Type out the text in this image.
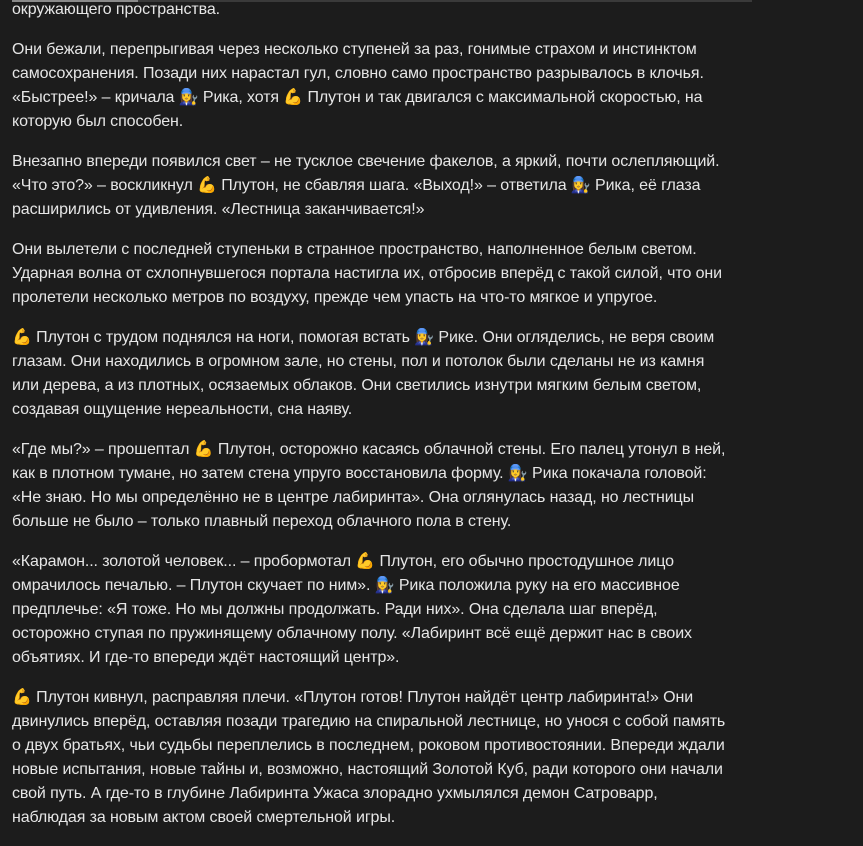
окружающего пространства.

Они бежали, перепрыгивая через несколько ступеней за раз, гонимые страхом и инстинктом
самосохранения. Позади них нарастал гул, словно само пространство разрывалось в клочья.
«Быстрее!» – кричала 👩‍🔧 Рика, хотя 💪 Плутон и так двигался с максимальной скоростью, на
которую был способен.

Внезапно впереди появился свет – не тусклое свечение факелов, а яркий, почти ослепляющий.
«Что это?» – воскликнул 💪 Плутон, не сбавляя шага. «Выход!» – ответила 👩‍🔧 Рика, её глаза
расширились от удивления. «Лестница заканчивается!»

Они вылетели с последней ступеньки в странное пространство, наполненное белым светом.
Ударная волна от схлопнувшегося портала настигла их, отбросив вперёд с такой силой, что они
пролетели несколько метров по воздуху, прежде чем упасть на что-то мягкое и упругое.

💪 Плутон с трудом поднялся на ноги, помогая встать 👩‍🔧 Рике. Они огляделись, не веря своим
глазам. Они находились в огромном зале, но стены, пол и потолок были сделаны не из камня
или дерева, а из плотных, осязаемых облаков. Они светились изнутри мягким белым светом,
создавая ощущение нереальности, сна наяву.

«Где мы?» – прошептал 💪 Плутон, осторожно касаясь облачной стены. Его палец утонул в ней,
как в плотном тумане, но затем стена упруго восстановила форму. 👩‍🔧 Рика покачала головой:
«Не знаю. Но мы определённо не в центре лабиринта». Она оглянулась назад, но лестницы
больше не было – только плавный переход облачного пола в стену.

«Карамон... золотой человек... – пробормотал 💪 Плутон, его обычно простодушное лицо
омрачилось печалью. – Плутон скучает по ним». 👩‍🔧 Рика положила руку на его массивное
предплечье: «Я тоже. Но мы должны продолжать. Ради них». Она сделала шаг вперёд,
осторожно ступая по пружинящему облачному полу. «Лабиринт всё ещё держит нас в своих
объятиях. И где-то впереди ждёт настоящий центр».

💪 Плутон кивнул, расправляя плечи. «Плутон готов! Плутон найдёт центр лабиринта!» Они
двинулись вперёд, оставляя позади трагедию на спиральной лестнице, но унося с собой память
о двух братьях, чьи судьбы переплелись в последнем, роковом противостоянии. Впереди ждали
новые испытания, новые тайны и, возможно, настоящий Золотой Куб, ради которого они начали
свой путь. А где-то в глубине Лабиринта Ужаса злорадно ухмылялся демон Сатроварр,
наблюдая за новым актом своей смертельной игры.
